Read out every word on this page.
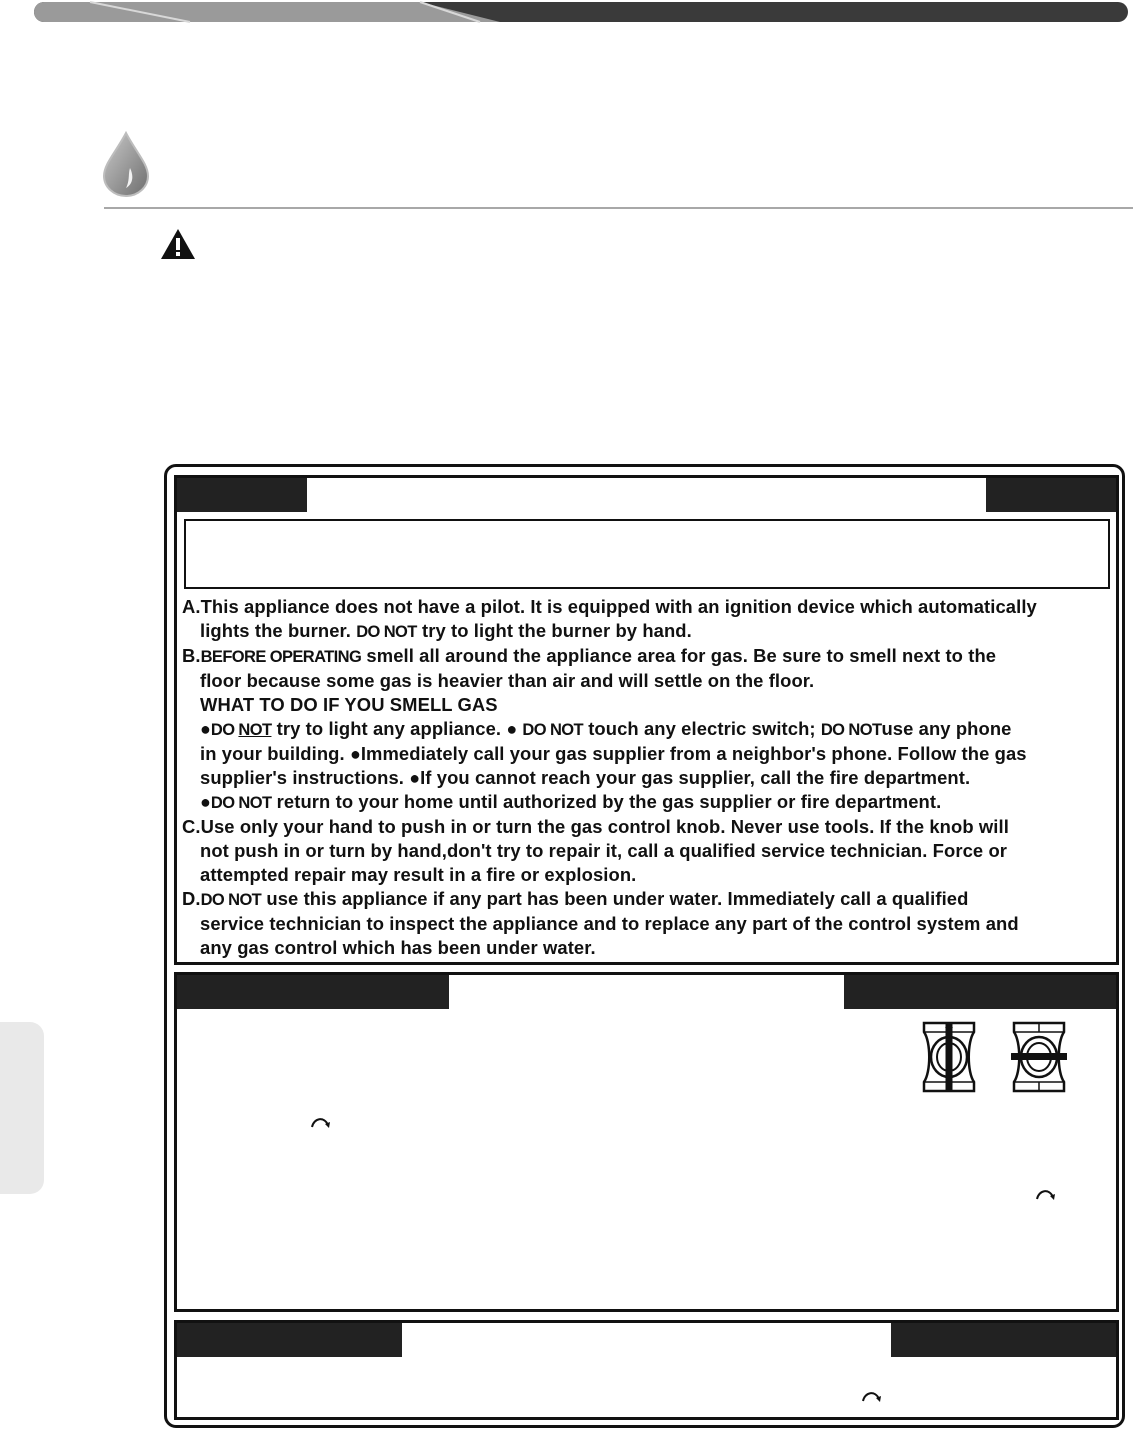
A.This appliance does not have a pilot. It is equipped with an ignition device which automatically
lights the burner. DO NOT try to light the burner by hand.
B.BEFORE OPERATING smell all around the appliance area for gas. Be sure to smell next to the
floor because some gas is heavier than air and will settle on the floor.
WHAT TO DO IF YOU SMELL GAS
●DO NOT try to light any appliance. ● DO NOT touch any electric switch; DO NOTuse any phone
in your building. ●Immediately call your gas supplier from a neighbor's phone. Follow the gas
supplier's instructions. ●If you cannot reach your gas supplier, call the fire department.
●DO NOT return to your home until authorized by the gas supplier or fire department.
C.Use only your hand to push in or turn the gas control knob. Never use tools. If the knob will
not push in or turn by hand,don't try to repair it, call a qualified service technician. Force or
attempted repair may result in a fire or explosion.
D.DO NOT use this appliance if any part has been under water. Immediately call a qualified
service technician to inspect the appliance and to replace any part of the control system and
any gas control which has been under water.
